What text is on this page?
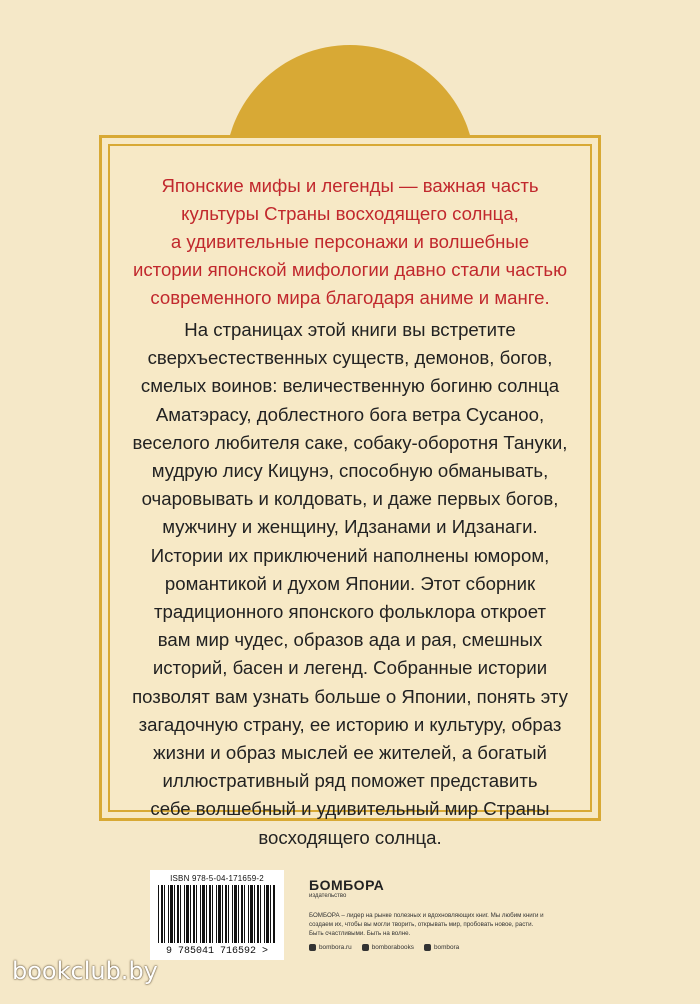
Японские мифы и легенды — важная часть
культуры Страны восходящего солнца,
а удивительные персонажи и волшебные
истории японской мифологии давно стали частью
современного мира благодаря аниме и манге.

На страницах этой книги вы встретите
сверхъестественных существ, демонов, богов,
смелых воинов: величественную богиню солнца
Аматэрасу, доблестного бога ветра Сусаноо,
веселого любителя саке, собаку-оборотня Тануки,
мудрую лису Кицунэ, способную обманывать,
очаровывать и колдовать, и даже первых богов,
мужчину и женщину, Идзанами и Идзанаги.
Истории их приключений наполнены юмором,
романтикой и духом Японии. Этот сборник
традиционного японского фольклора откроет
вам мир чудес, образов ада и рая, смешных
историй, басен и легенд. Собранные истории
позволят вам узнать больше о Японии, понять эту
загадочную страну, ее историю и культуру, образ
жизни и образ мыслей ее жителей, а богатый
иллюстративный ряд поможет представить
себе волшебный и удивительный мир Страны
восходящего солнца.

ISBN 978-5-04-171659-2
9 785041 716592 >
БОМБОРА
издательство
БОМБОРА – лидер на рынке полезных и вдохновляющих книг. Мы любим книги и создаем их, чтобы вы могли творить, открывать мир, пробовать новое, расти. Быть счастливыми. Быть на волне.
bombora.ru	bomborabooks	bombora
bookclub.by
